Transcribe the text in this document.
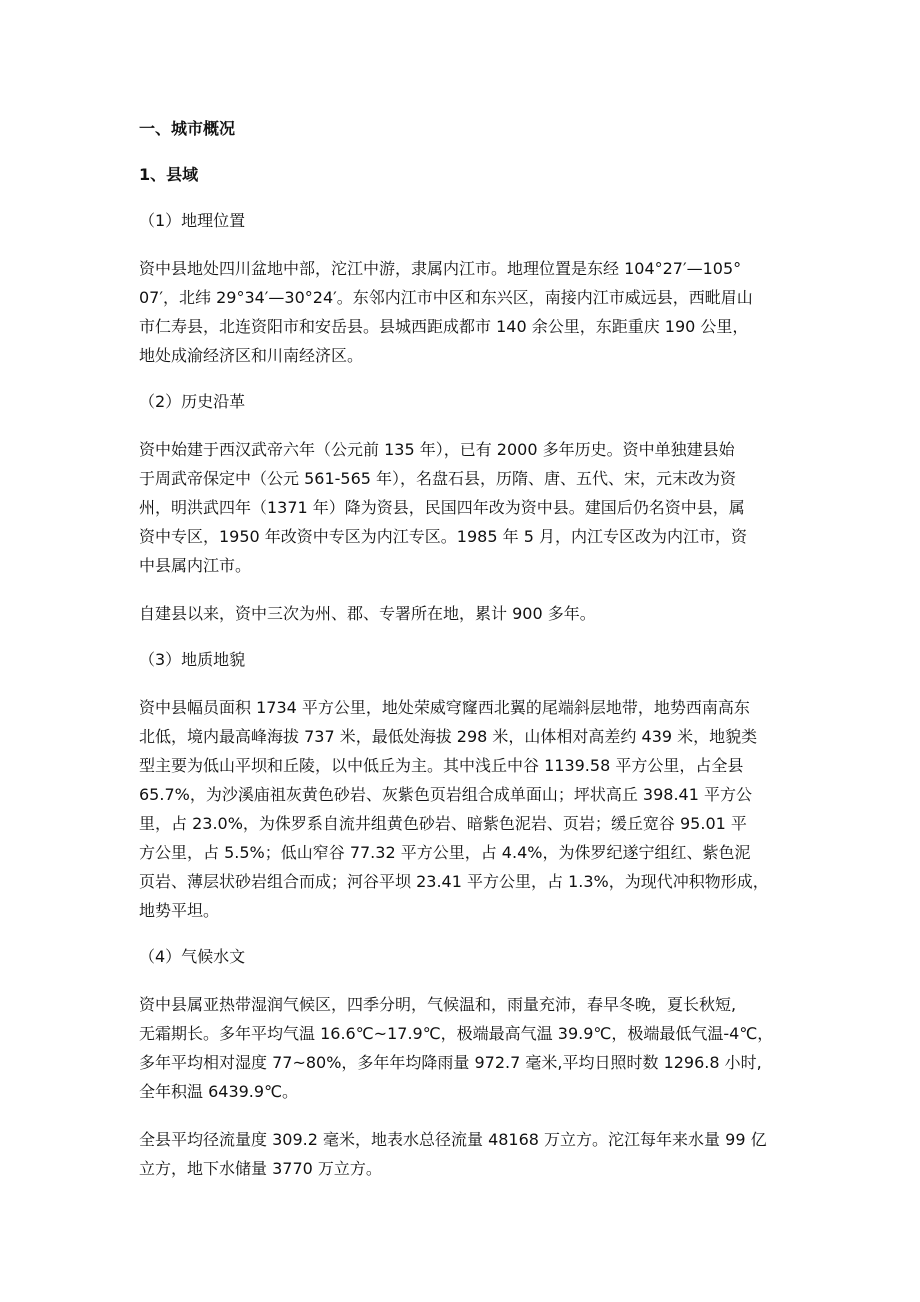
一、城市概况

1、县域

（1）地理位置

资中县地处四川盆地中部，沱江中游，隶属内江市。地理位置是东经 104°27′—105°
07′，北纬 29°34′—30°24′。东邻内江市中区和东兴区，南接内江市威远县，西毗眉山
市仁寿县，北连资阳市和安岳县。县城西距成都市 140 余公里，东距重庆 190 公里，
地处成渝经济区和川南经济区。

（2）历史沿革

资中始建于西汉武帝六年（公元前 135 年），已有 2000 多年历史。资中单独建县始
于周武帝保定中（公元 561-565 年），名盘石县，历隋、唐、五代、宋，元末改为资
州，明洪武四年（1371 年）降为资县，民国四年改为资中县。建国后仍名资中县，属
资中专区，1950 年改资中专区为内江专区。1985 年 5 月，内江专区改为内江市，资
中县属内江市。

自建县以来，资中三次为州、郡、专署所在地，累计 900 多年。

（3）地质地貌

资中县幅员面积 1734 平方公里，地处荣威穹窿西北翼的尾端斜层地带，地势西南高东
北低，境内最高峰海拔 737 米，最低处海拔 298 米，山体相对高差约 439 米，地貌类
型主要为低山平坝和丘陵，以中低丘为主。其中浅丘中谷 1139.58 平方公里，占全县
65.7%，为沙溪庙祖灰黄色砂岩、灰紫色页岩组合成单面山；坪状高丘 398.41 平方公
里，占 23.0%，为侏罗系自流井组黄色砂岩、暗紫色泥岩、页岩；缓丘宽谷 95.01 平
方公里，占 5.5%；低山窄谷 77.32 平方公里，占 4.4%，为侏罗纪遂宁组红、紫色泥
页岩、薄层状砂岩组合而成；河谷平坝 23.41 平方公里，占 1.3%，为现代冲积物形成，
地势平坦。

（4）气候水文

资中县属亚热带湿润气候区，四季分明，气候温和，雨量充沛，春早冬晚，夏长秋短,
无霜期长。多年平均气温 16.6℃~17.9℃，极端最高气温 39.9℃，极端最低气温-4℃，
多年平均相对湿度 77~80%，多年年均降雨量 972.7 毫米,平均日照时数 1296.8 小时,
全年积温 6439.9℃。

全县平均径流量度 309.2 毫米，地表水总径流量 48168 万立方。沱江每年来水量 99 亿
立方，地下水储量 3770 万立方。
